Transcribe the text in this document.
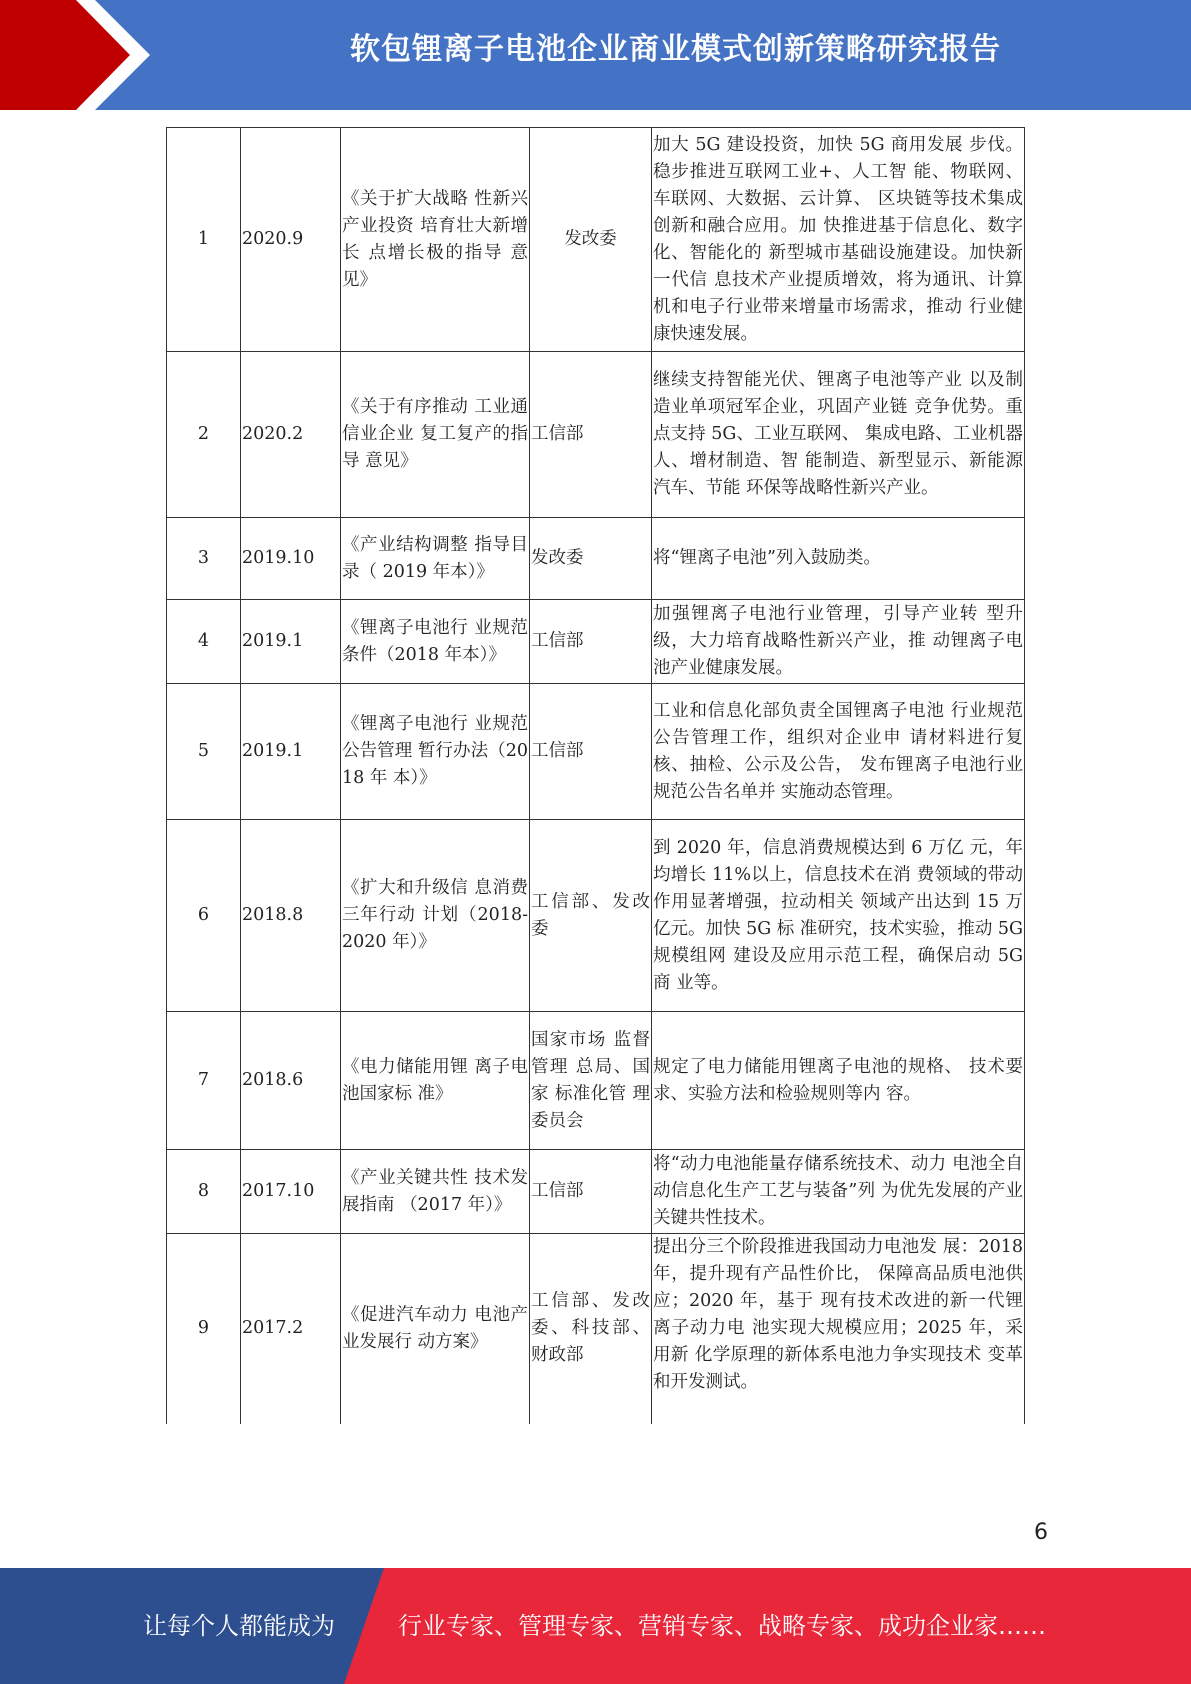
软包锂离子电池企业商业模式创新策略研究报告
1	2020.9	《关于扩大战略 性新兴产业投资 培育壮大新增长 点增长极的指导 意见》	发改委	加大 5G 建设投资，加快 5G 商用发展 步伐。稳步推进互联网工业+、人工智 能、物联网、车联网、大数据、云计算、 区块链等技术集成创新和融合应用。加 快推进基于信息化、数字化、智能化的 新型城市基础设施建设。加快新一代信 息技术产业提质增效，将为通讯、计算机和电子行业带来增量市场需求，推动 行业健康快速发展。
2	2020.2	《关于有序推动 工业通信业企业 复工复产的指导 意见》	工信部	继续支持智能光伏、锂离子电池等产业 以及制造业单项冠军企业，巩固产业链 竞争优势。重点支持 5G、工业互联网、 集成电路、工业机器人、增材制造、智 能制造、新型显示、新能源汽车、节能 环保等战略性新兴产业。
3	2019.10	《产业结构调整 指导目录（ 2019 年本）》	发改委	将“锂离子电池”列入鼓励类。
4	2019.1	《锂离子电池行 业规范条件（2018 年本）》	工信部	加强锂离子电池行业管理，引导产业转 型升级，大力培育战略性新兴产业，推 动锂离子电池产业健康发展。
5	2019.1	《锂离子电池行 业规范公告管理 暂行办法（2018 年 本）》	工信部	工业和信息化部负责全国锂离子电池 行业规范公告管理工作，组织对企业申 请材料进行复核、抽检、公示及公告， 发布锂离子电池行业规范公告名单并 实施动态管理。
6	2018.8	《扩大和升级信 息消费三年行动 计划（2018-2020 年）》	工信部、发改委	到 2020 年，信息消费规模达到 6 万亿 元，年均增长 11%以上，信息技术在消 费领域的带动作用显著增强，拉动相关 领域产出达到 15 万亿元。加快 5G 标 准研究，技术实验，推动 5G 规模组网 建设及应用示范工程，确保启动 5G 商 业等。
7	2018.6	《电力储能用锂 离子电池国家标 准》	国家市场 监督管理 总局、国家 标准化管 理委员会	规定了电力储能用锂离子电池的规格、 技术要求、实验方法和检验规则等内 容。
8	2017.10	《产业关键共性 技术发展指南 （2017 年）》	工信部	将“动力电池能量存储系统技术、动力 电池全自动信息化生产工艺与装备”列 为优先发展的产业关键共性技术。
9	2017.2	《促进汽车动力 电池产业发展行 动方案》	工信部、发改委、科技部、财政部	提出分三个阶段推进我国动力电池发 展：2018 年，提升现有产品性价比， 保障高品质电池供应；2020 年，基于 现有技术改进的新一代锂离子动力电 池实现大规模应用；2025 年，采用新 化学原理的新体系电池力争实现技术 变革和开发测试。
6
让每个人都能成为	行业专家、管理专家、营销专家、战略专家、成功企业家……
